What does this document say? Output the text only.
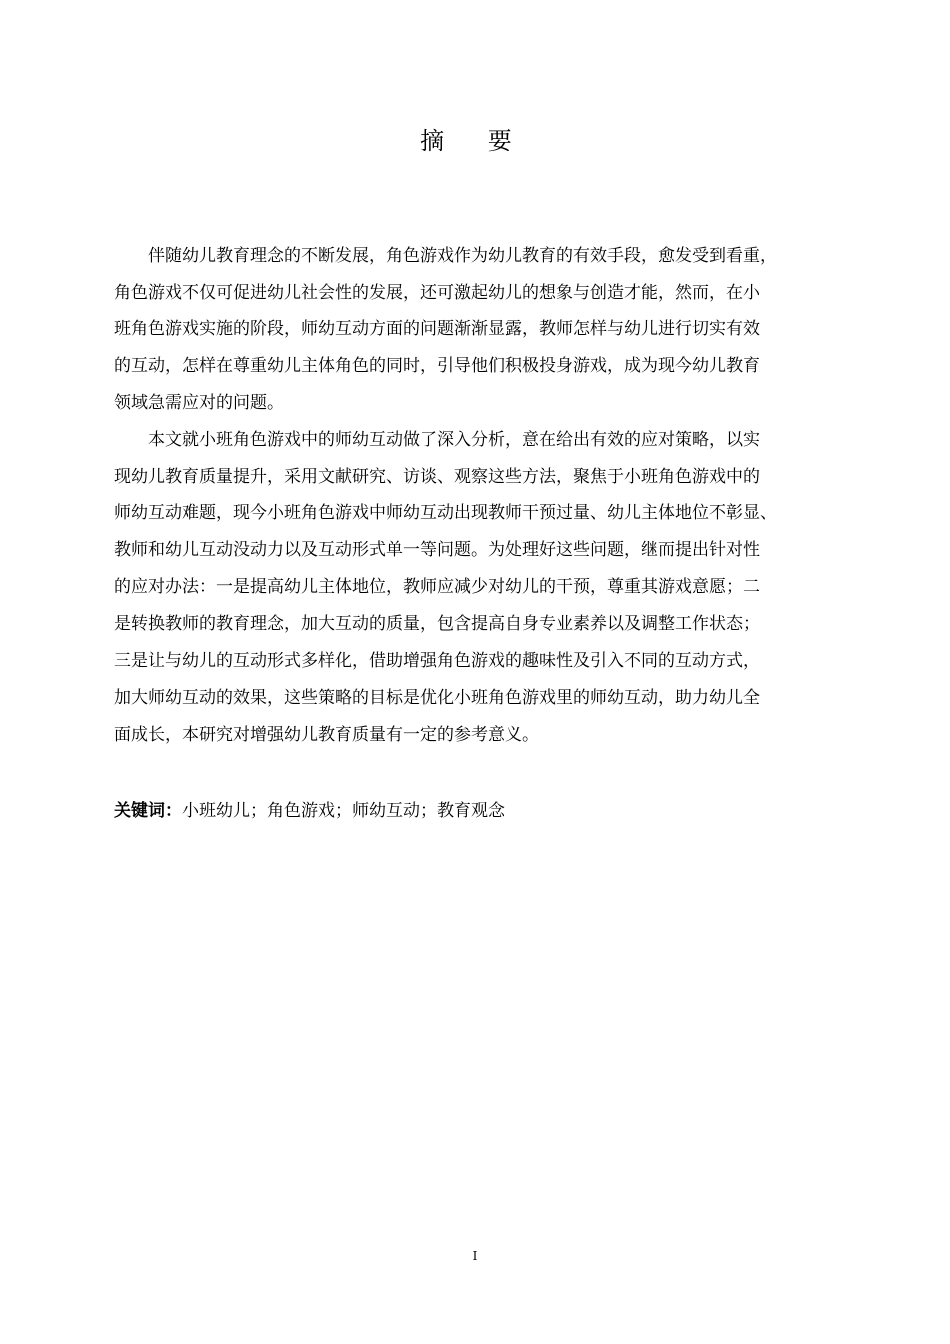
摘 要
伴随幼儿教育理念的不断发展，角色游戏作为幼儿教育的有效手段，愈发受到看重，
角色游戏不仅可促进幼儿社会性的发展，还可激起幼儿的想象与创造才能，然而，在小
班角色游戏实施的阶段，师幼互动方面的问题渐渐显露，教师怎样与幼儿进行切实有效
的互动，怎样在尊重幼儿主体角色的同时，引导他们积极投身游戏，成为现今幼儿教育
领域急需应对的问题。
本文就小班角色游戏中的师幼互动做了深入分析，意在给出有效的应对策略，以实
现幼儿教育质量提升，采用文献研究、访谈、观察这些方法，聚焦于小班角色游戏中的
师幼互动难题，现今小班角色游戏中师幼互动出现教师干预过量、幼儿主体地位不彰显、
教师和幼儿互动没动力以及互动形式单一等问题。为处理好这些问题，继而提出针对性
的应对办法：一是提高幼儿主体地位，教师应减少对幼儿的干预，尊重其游戏意愿；二
是转换教师的教育理念，加大互动的质量，包含提高自身专业素养以及调整工作状态；
三是让与幼儿的互动形式多样化，借助增强角色游戏的趣味性及引入不同的互动方式，
加大师幼互动的效果，这些策略的目标是优化小班角色游戏里的师幼互动，助力幼儿全
面成长，本研究对增强幼儿教育质量有一定的参考意义。
关键词：小班幼儿；角色游戏；师幼互动；教育观念
I
